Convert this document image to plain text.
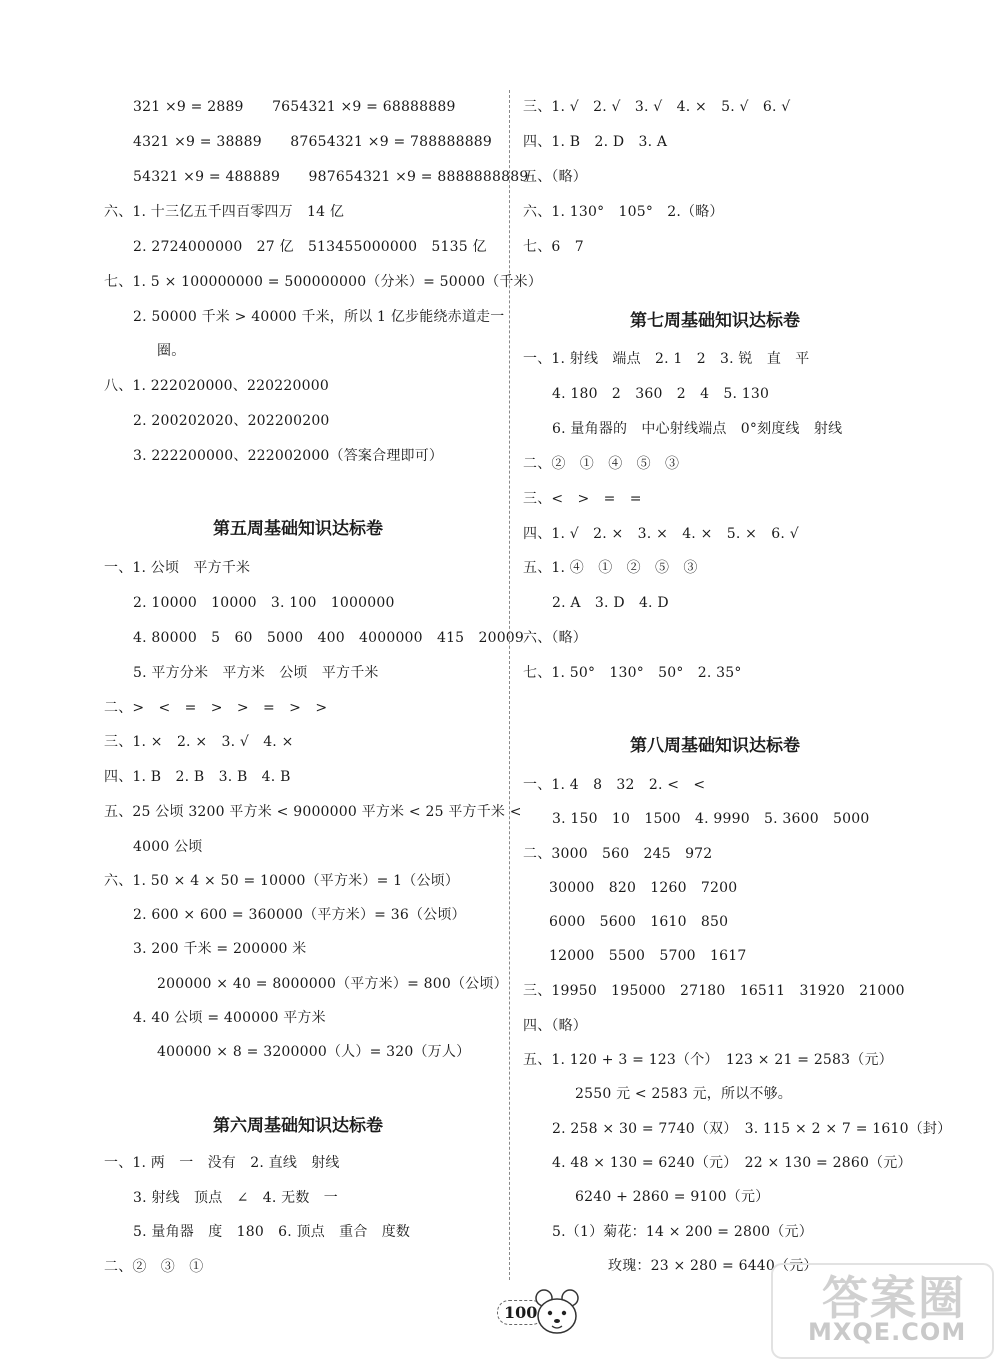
321 ×9 = 2889　　7654321 ×9 = 68888889
4321 ×9 = 38889　　87654321 ×9 = 788888889
54321 ×9 = 488889　　987654321 ×9 = 8888888889
六、1. 十三亿五千四百零四万　14 亿
2. 2724000000　27 亿　513455000000　5135 亿
七、1. 5 × 100000000 = 500000000（分米）= 50000（千米）
2. 50000 千米 > 40000 千米，所以 1 亿步能绕赤道走一
圈。
八、1. 222020000、220220000
2. 200202020、202200200
3. 222200000、222002000（答案合理即可）
第五周基础知识达标卷
一、1. 公顷　平方千米
2. 10000　10000　3. 100　1000000
4. 80000　5　60　5000　400　4000000　415　20009
5. 平方分米　平方米　公顷　平方千米
二、>　<　=　>　>　=　>　>
三、1. ×　2. ×　3. √　4. ×
四、1. B　2. B　3. B　4. B
五、25 公顷 3200 平方米 < 9000000 平方米 < 25 平方千米 <
4000 公顷
六、1. 50 × 4 × 50 = 10000（平方米）= 1（公顷）
2. 600 × 600 = 360000（平方米）= 36（公顷）
3. 200 千米 = 200000 米
200000 × 40 = 8000000（平方米）= 800（公顷）
4. 40 公顷 = 400000 平方米
400000 × 8 = 3200000（人）= 320（万人）
第六周基础知识达标卷
一、1. 两　一　没有　2. 直线　射线
3. 射线　顶点　∠　4. 无数　一
5. 量角器　度　180　6. 顶点　重合　度数
二、②　③　①
三、1. √　2. √　3. √　4. ×　5. √　6. √
四、1. B　2. D　3. A
五、（略）
六、1. 130°　105°　2.（略）
七、6　7
第七周基础知识达标卷
一、1. 射线　端点　2. 1　2　3. 锐　直　平
4. 180　2　360　2　4　5. 130
6. 量角器的　中心射线端点　0°刻度线　射线
二、②　①　④　⑤　③
三、<　>　=　=
四、1. √　2. ×　3. ×　4. ×　5. ×　6. √
五、1. ④　①　②　⑤　③
2. A　3. D　4. D
六、（略）
七、1. 50°　130°　50°　2. 35°
第八周基础知识达标卷
一、1. 4　8　32　2. <　<
3. 150　10　1500　4. 9990　5. 3600　5000
二、3000　560　245　972
30000　820　1260　7200
6000　5600　1610　850
12000　5500　5700　1617
三、19950　195000　27180　16511　31920　21000
四、（略）
五、1. 120 + 3 = 123（个）　123 × 21 = 2583（元）
2550 元 < 2583 元，所以不够。
2. 258 × 30 = 7740（双）　3. 115 × 2 × 7 = 1610（封）
4. 48 × 130 = 6240（元）　22 × 130 = 2860（元）
6240 + 2860 = 9100（元）
5.（1）菊花：14 × 200 = 2800（元）
玫瑰：23 × 280 = 6440（元）
100	答案圈
MXQE.COM
